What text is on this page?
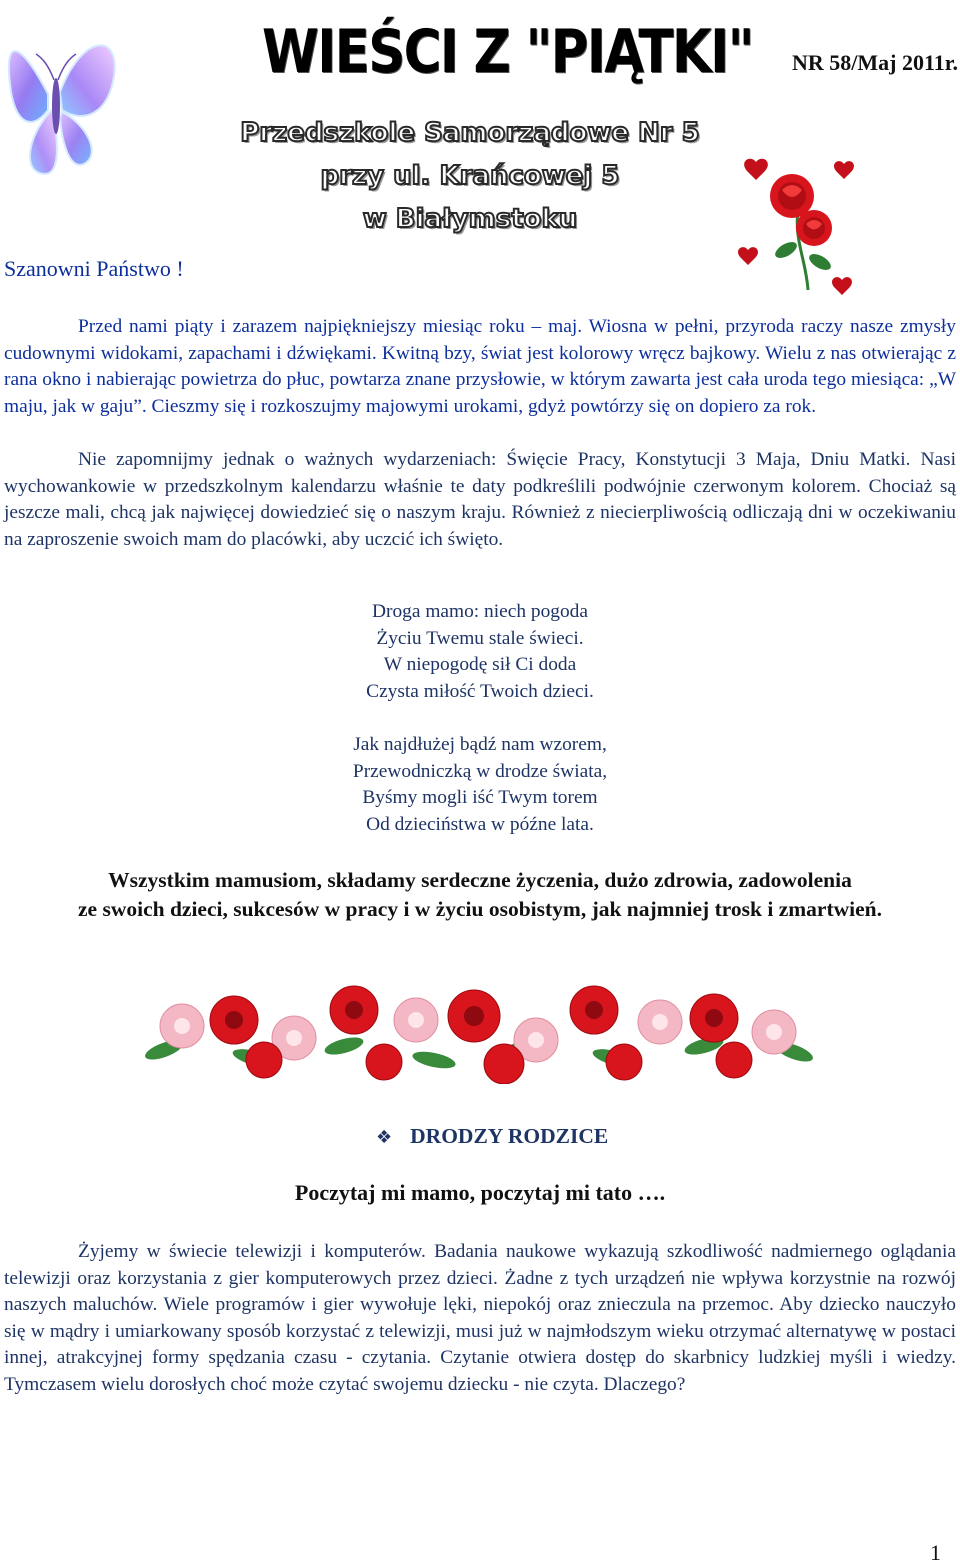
WIEŚCI Z "PIĄTKI"	NR 58/Maj 2011r.
Przedszkole Samorządowe Nr 5
przy ul. Krańcowej 5
w Białymstoku
Szanowni Państwo !

Przed nami piąty i zarazem najpiękniejszy miesiąc roku – maj. Wiosna w pełni, przyroda raczy nasze zmysły cudownymi widokami, zapachami i dźwiękami. Kwitną bzy, świat jest kolorowy wręcz bajkowy. Wielu z nas otwierając z rana okno i nabierając powietrza do płuc, powtarza znane przysłowie, w którym zawarta jest cała uroda tego miesiąca: „W maju, jak w gaju”. Cieszmy się i rozkoszujmy majowymi urokami, gdyż powtórzy się on dopiero za rok.

Nie zapomnijmy jednak o ważnych wydarzeniach: Święcie Pracy, Konstytucji 3 Maja, Dniu Matki. Nasi wychowankowie w przedszkolnym kalendarzu właśnie te daty podkreślili podwójnie czerwonym kolorem. Chociaż są jeszcze mali, chcą jak najwięcej dowiedzieć się o naszym kraju. Również z niecierpliwością odliczają dni w oczekiwaniu na zaproszenie swoich mam do placówki, aby uczcić ich święto.

Droga mamo: niech pogoda
Życiu Twemu stale świeci.
W niepogodę sił Ci doda
Czysta miłość Twoich dzieci.
Jak najdłużej bądź nam wzorem,
Przewodniczką w drodze świata,
Byśmy mogli iść Twym torem
Od dzieciństwa w późne lata.
Wszystkim mamusiom, składamy serdeczne życzenia, dużo zdrowia, zadowolenia
ze swoich dzieci, sukcesów w pracy i w życiu osobistym, jak najmniej trosk i zmartwień.
❖ DRODZY RODZICE
Poczytaj mi mamo, poczytaj mi tato ….

Żyjemy w świecie telewizji i komputerów. Badania naukowe wykazują szkodliwość nadmiernego oglądania telewizji oraz korzystania z gier komputerowych przez dzieci. Żadne z tych urządzeń nie wpływa korzystnie na rozwój naszych maluchów. Wiele programów i gier wywołuje lęki, niepokój oraz znieczula na przemoc. Aby dziecko nauczyło się w mądry i umiarkowany sposób korzystać z telewizji, musi już w najmłodszym wieku otrzymać alternatywę w postaci innej, atrakcyjnej formy spędzania czasu - czytania. Czytanie otwiera dostęp do skarbnicy ludzkiej myśli i wiedzy. Tymczasem wielu dorosłych choć może czytać swojemu dziecku - nie czyta. Dlaczego?

1
